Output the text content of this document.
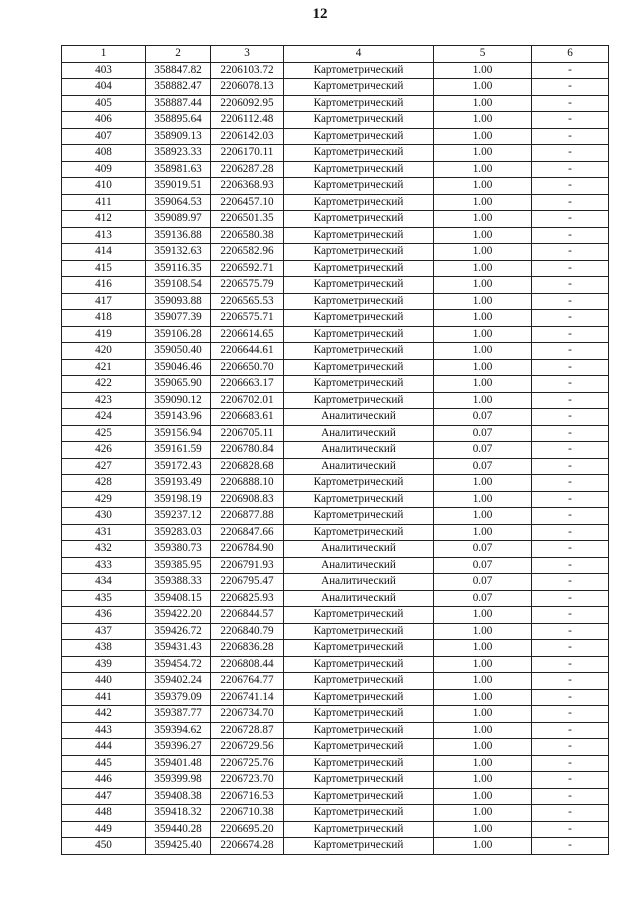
12
1	2	3	4	5	6
403	358847.82	2206103.72	Картометрический	1.00	-
404	358882.47	2206078.13	Картометрический	1.00	-
405	358887.44	2206092.95	Картометрический	1.00	-
406	358895.64	2206112.48	Картометрический	1.00	-
407	358909.13	2206142.03	Картометрический	1.00	-
408	358923.33	2206170.11	Картометрический	1.00	-
409	358981.63	2206287.28	Картометрический	1.00	-
410	359019.51	2206368.93	Картометрический	1.00	-
411	359064.53	2206457.10	Картометрический	1.00	-
412	359089.97	2206501.35	Картометрический	1.00	-
413	359136.88	2206580.38	Картометрический	1.00	-
414	359132.63	2206582.96	Картометрический	1.00	-
415	359116.35	2206592.71	Картометрический	1.00	-
416	359108.54	2206575.79	Картометрический	1.00	-
417	359093.88	2206565.53	Картометрический	1.00	-
418	359077.39	2206575.71	Картометрический	1.00	-
419	359106.28	2206614.65	Картометрический	1.00	-
420	359050.40	2206644.61	Картометрический	1.00	-
421	359046.46	2206650.70	Картометрический	1.00	-
422	359065.90	2206663.17	Картометрический	1.00	-
423	359090.12	2206702.01	Картометрический	1.00	-
424	359143.96	2206683.61	Аналитический	0.07	-
425	359156.94	2206705.11	Аналитический	0.07	-
426	359161.59	2206780.84	Аналитический	0.07	-
427	359172.43	2206828.68	Аналитический	0.07	-
428	359193.49	2206888.10	Картометрический	1.00	-
429	359198.19	2206908.83	Картометрический	1.00	-
430	359237.12	2206877.88	Картометрический	1.00	-
431	359283.03	2206847.66	Картометрический	1.00	-
432	359380.73	2206784.90	Аналитический	0.07	-
433	359385.95	2206791.93	Аналитический	0.07	-
434	359388.33	2206795.47	Аналитический	0.07	-
435	359408.15	2206825.93	Аналитический	0.07	-
436	359422.20	2206844.57	Картометрический	1.00	-
437	359426.72	2206840.79	Картометрический	1.00	-
438	359431.43	2206836.28	Картометрический	1.00	-
439	359454.72	2206808.44	Картометрический	1.00	-
440	359402.24	2206764.77	Картометрический	1.00	-
441	359379.09	2206741.14	Картометрический	1.00	-
442	359387.77	2206734.70	Картометрический	1.00	-
443	359394.62	2206728.87	Картометрический	1.00	-
444	359396.27	2206729.56	Картометрический	1.00	-
445	359401.48	2206725.76	Картометрический	1.00	-
446	359399.98	2206723.70	Картометрический	1.00	-
447	359408.38	2206716.53	Картометрический	1.00	-
448	359418.32	2206710.38	Картометрический	1.00	-
449	359440.28	2206695.20	Картометрический	1.00	-
450	359425.40	2206674.28	Картометрический	1.00	-
